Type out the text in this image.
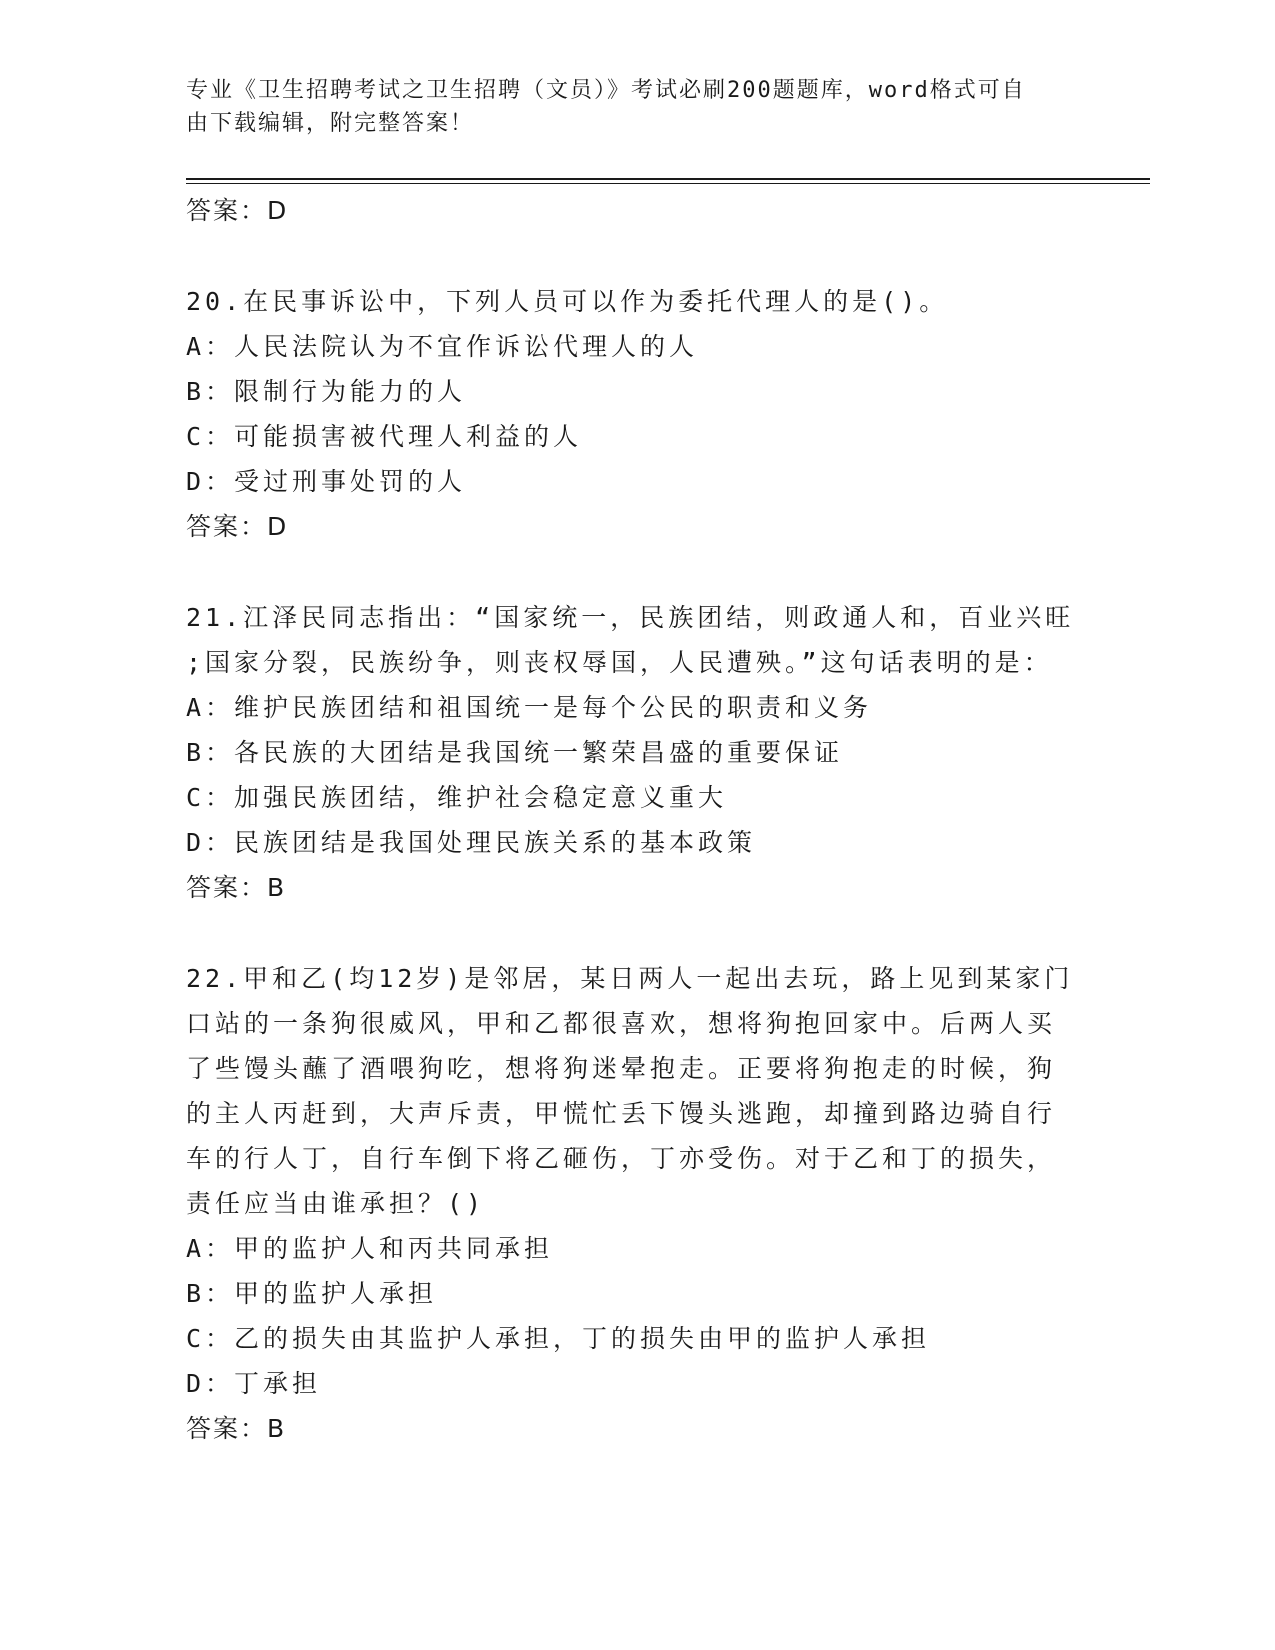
专业《卫生招聘考试之卫生招聘（文员）》考试必刷200题题库，word格式可自
由下载编辑，附完整答案！
答案：D
20.在民事诉讼中，下列人员可以作为委托代理人的是()。
A：人民法院认为不宜作诉讼代理人的人
B：限制行为能力的人
C：可能损害被代理人利益的人
D：受过刑事处罚的人
答案：D
21.江泽民同志指出：“国家统一，民族团结，则政通人和，百业兴旺
;国家分裂，民族纷争，则丧权辱国，人民遭殃。”这句话表明的是：
A：维护民族团结和祖国统一是每个公民的职责和义务
B：各民族的大团结是我国统一繁荣昌盛的重要保证
C：加强民族团结，维护社会稳定意义重大
D：民族团结是我国处理民族关系的基本政策
答案：B
22.甲和乙(均12岁)是邻居，某日两人一起出去玩，路上见到某家门
口站的一条狗很威风，甲和乙都很喜欢，想将狗抱回家中。后两人买
了些馒头蘸了酒喂狗吃，想将狗迷晕抱走。正要将狗抱走的时候，狗
的主人丙赶到，大声斥责，甲慌忙丢下馒头逃跑，却撞到路边骑自行
车的行人丁，自行车倒下将乙砸伤，丁亦受伤。对于乙和丁的损失，
责任应当由谁承担？()
A：甲的监护人和丙共同承担
B：甲的监护人承担
C：乙的损失由其监护人承担，丁的损失由甲的监护人承担
D：丁承担
答案：B
